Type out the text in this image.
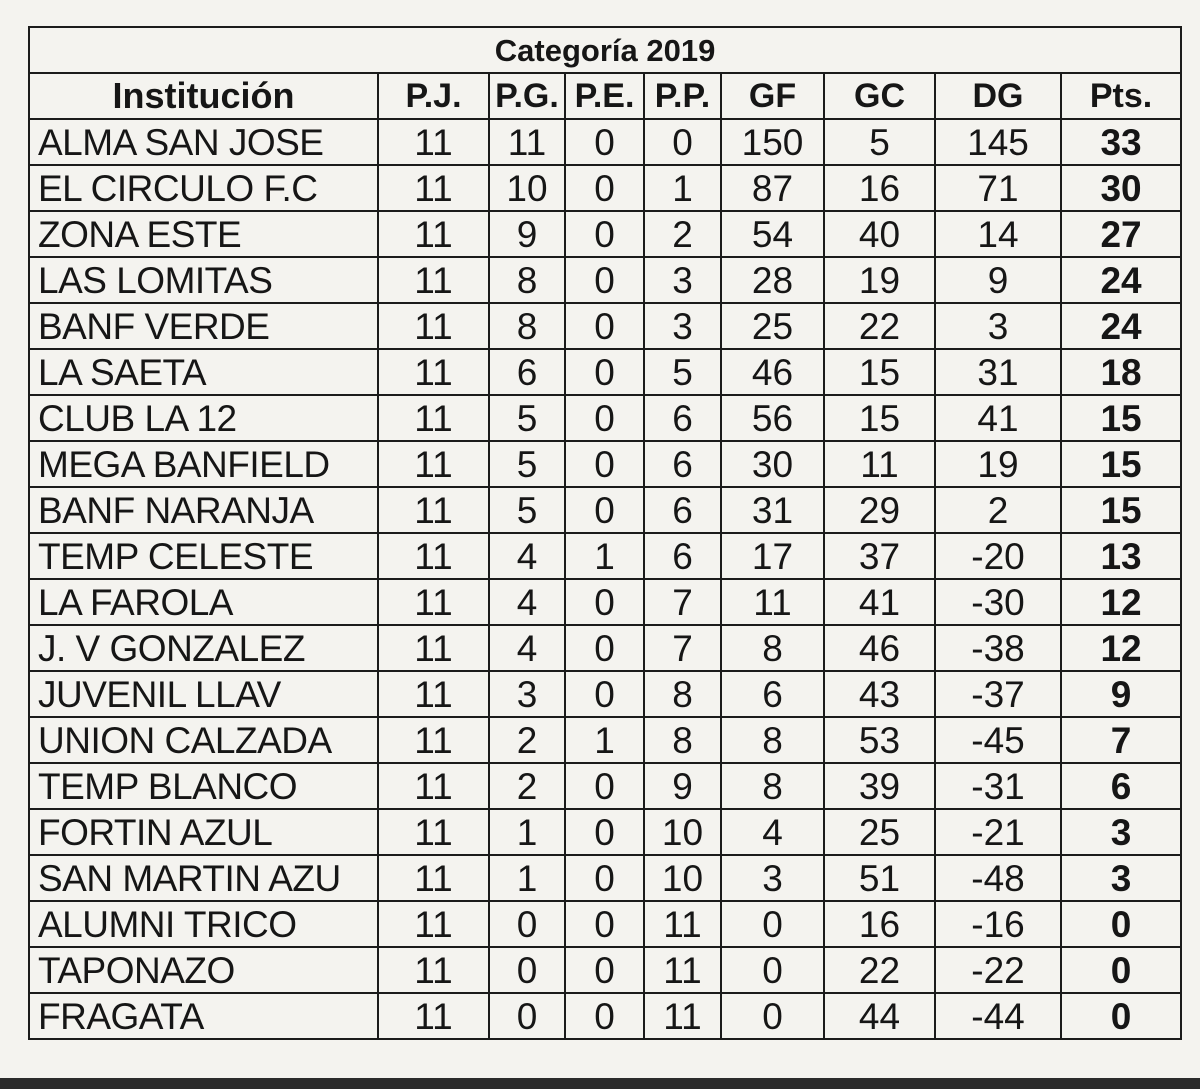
Categoría 2019								
Institución	P.J.	P.G.	P.E.	P.P.	GF	GC	DG	Pts.
ALMA SAN JOSE	11	11	0	0	150	5	145	33
EL CIRCULO F.C	11	10	0	1	87	16	71	30
ZONA ESTE	11	9	0	2	54	40	14	27
LAS LOMITAS	11	8	0	3	28	19	9	24
BANF VERDE	11	8	0	3	25	22	3	24
LA SAETA	11	6	0	5	46	15	31	18
CLUB LA 12	11	5	0	6	56	15	41	15
MEGA BANFIELD	11	5	0	6	30	11	19	15
BANF NARANJA	11	5	0	6	31	29	2	15
TEMP CELESTE	11	4	1	6	17	37	-20	13
LA FAROLA	11	4	0	7	11	41	-30	12
J. V GONZALEZ	11	4	0	7	8	46	-38	12
JUVENIL LLAV	11	3	0	8	6	43	-37	9
UNION CALZADA	11	2	1	8	8	53	-45	7
TEMP BLANCO	11	2	0	9	8	39	-31	6
FORTIN AZUL	11	1	0	10	4	25	-21	3
SAN MARTIN AZU	11	1	0	10	3	51	-48	3
ALUMNI TRICO	11	0	0	11	0	16	-16	0
TAPONAZO	11	0	0	11	0	22	-22	0
FRAGATA	11	0	0	11	0	44	-44	0
